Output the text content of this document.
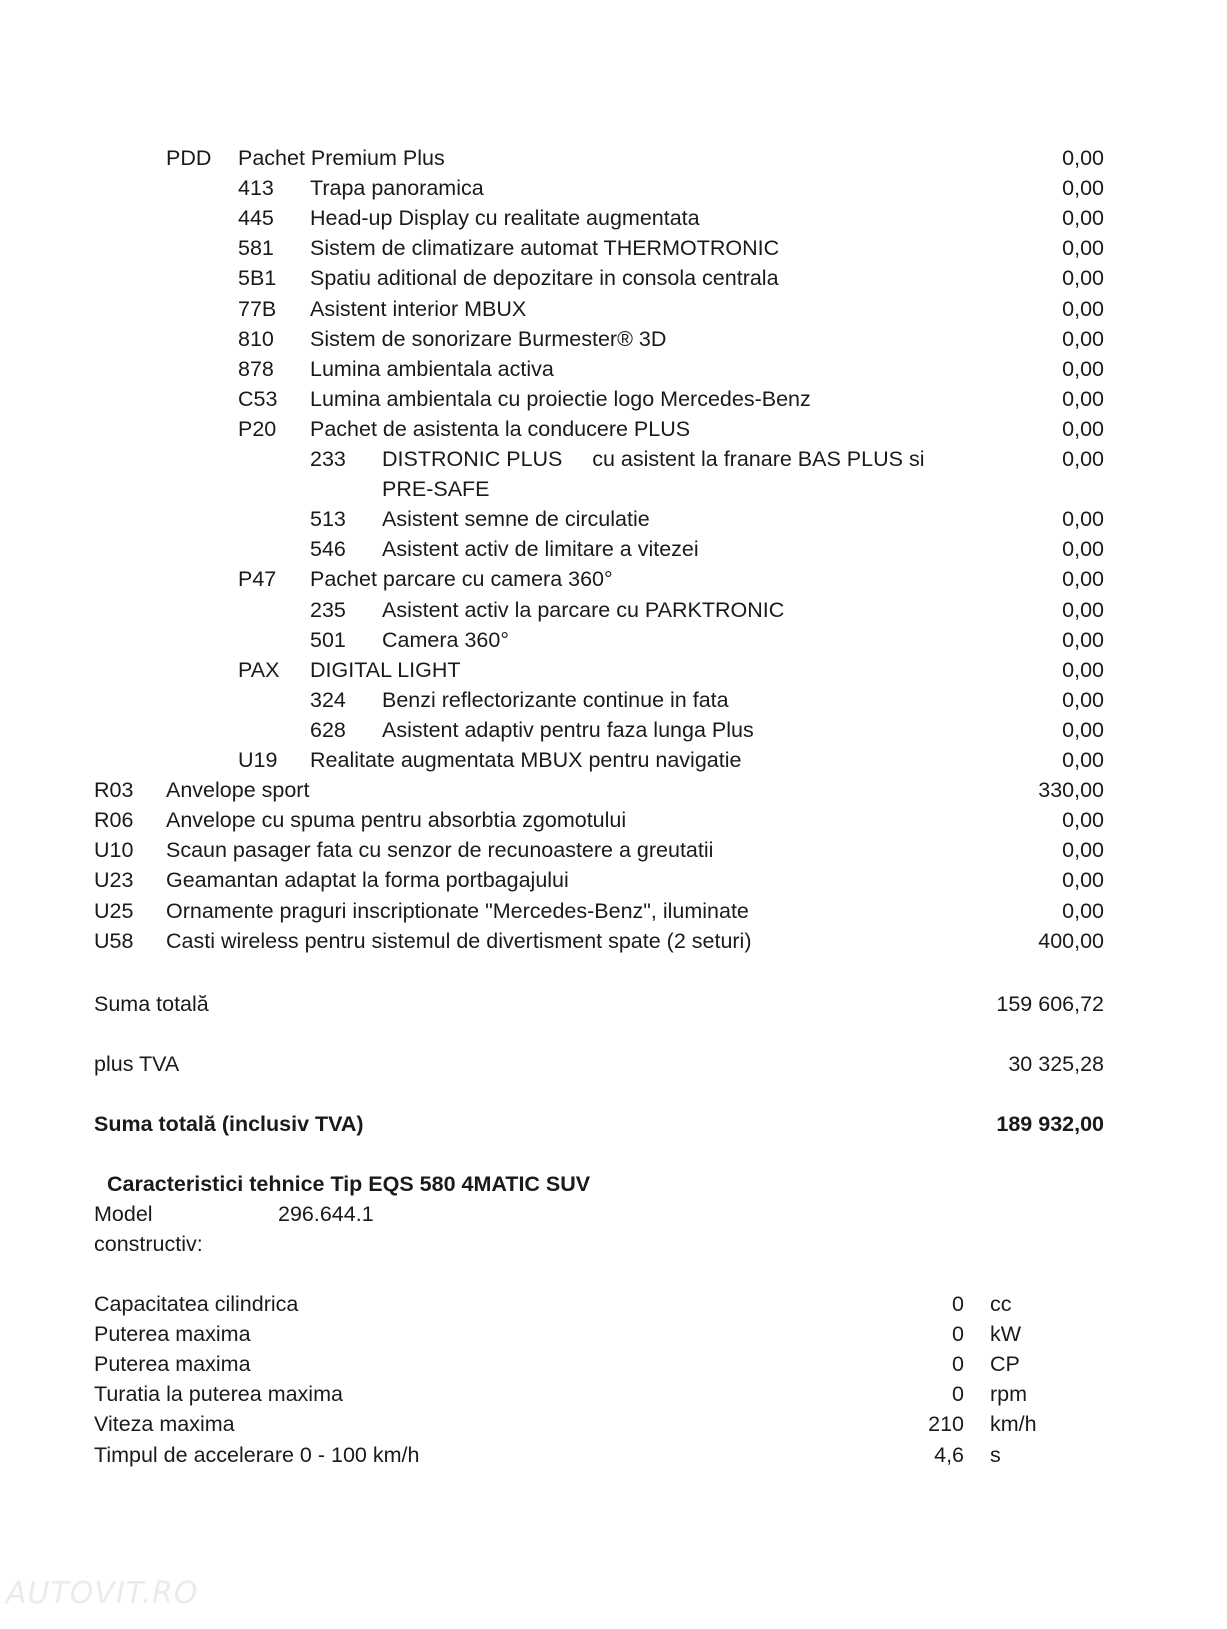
PDD Pachet Premium Plus	0,00
413 Trapa panoramica	0,00
445 Head-up Display cu realitate augmentata	0,00
581 Sistem de climatizare automat THERMOTRONIC	0,00
5B1 Spatiu aditional de depozitare in consola centrala	0,00
77B Asistent interior MBUX	0,00
810 Sistem de sonorizare Burmester® 3D	0,00
878 Lumina ambientala activa	0,00
C53 Lumina ambientala cu proiectie logo Mercedes-Benz	0,00
P20 Pachet de asistenta la conducere PLUS	0,00
233 DISTRONIC PLUS     cu asistent la franare BAS PLUS si	0,00
PRE-SAFE
513 Asistent semne de circulatie	0,00
546 Asistent activ de limitare a vitezei	0,00
P47 Pachet parcare cu camera 360°	0,00
235 Asistent activ la parcare cu PARKTRONIC	0,00
501 Camera 360°	0,00
PAX DIGITAL LIGHT	0,00
324 Benzi reflectorizante continue in fata	0,00
628 Asistent adaptiv pentru faza lunga Plus	0,00
U19 Realitate augmentata MBUX pentru navigatie	0,00
R03 Anvelope sport	330,00
R06 Anvelope cu spuma pentru absorbtia zgomotului	0,00
U10 Scaun pasager fata cu senzor de recunoastere a greutatii	0,00
U23 Geamantan adaptat la forma portbagajului	0,00
U25 Ornamente praguri inscriptionate "Mercedes-Benz", iluminate	0,00
U58 Casti wireless pentru sistemul de divertisment spate (2 seturi)	400,00
Suma totală	159 606,72
plus TVA	30 325,28
Suma totală (inclusiv TVA)	189 932,00
Caracteristici tehnice Tip EQS 580 4MATIC SUV
Model	296.644.1
constructiv:
Capacitatea cilindrica	0 cc
Puterea maxima	0 kW
Puterea maxima	0 CP
Turatia la puterea maxima	0 rpm
Viteza maxima	210 km/h
Timpul de accelerare 0 - 100 km/h	4,6 s
AUTOVIT.RO
